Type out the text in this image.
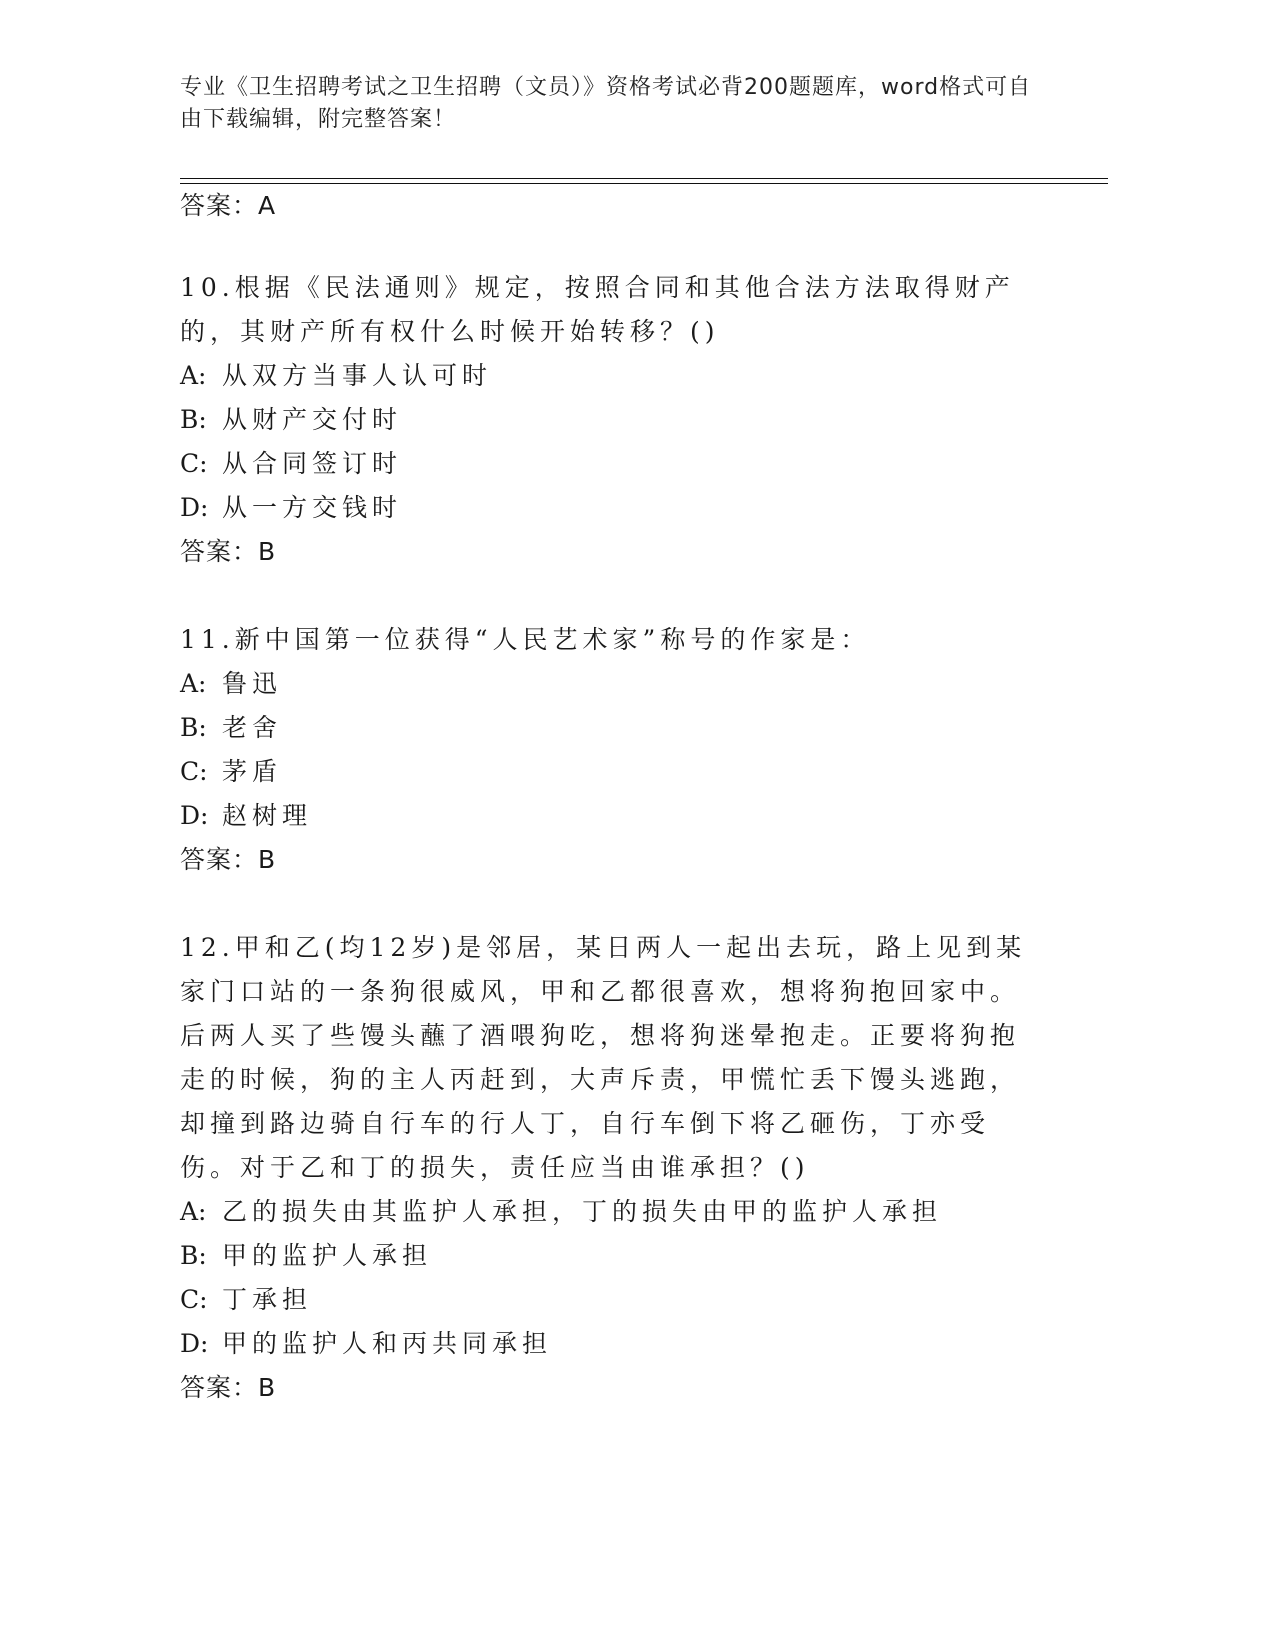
专业《卫生招聘考试之卫生招聘（文员）》资格考试必背200题题库，word格式可自由下载编辑，附完整答案！
答案：A
10.根据《民法通则》规定，按照合同和其他合法方法取得财产的，其财产所有权什么时候开始转移？()
A: 从双方当事人认可时
B: 从财产交付时
C: 从合同签订时
D: 从一方交钱时
答案：B
11.新中国第一位获得“人民艺术家”称号的作家是：
A: 鲁迅
B: 老舍
C: 茅盾
D: 赵树理
答案：B
12.甲和乙(均12岁)是邻居，某日两人一起出去玩，路上见到某家门口站的一条狗很威风，甲和乙都很喜欢，想将狗抱回家中。后两人买了些馒头蘸了酒喂狗吃，想将狗迷晕抱走。正要将狗抱走的时候，狗的主人丙赶到，大声斥责，甲慌忙丢下馒头逃跑，却撞到路边骑自行车的行人丁，自行车倒下将乙砸伤，丁亦受伤。对于乙和丁的损失，责任应当由谁承担？()
A: 乙的损失由其监护人承担，丁的损失由甲的监护人承担
B: 甲的监护人承担
C: 丁承担
D: 甲的监护人和丙共同承担
答案：B
